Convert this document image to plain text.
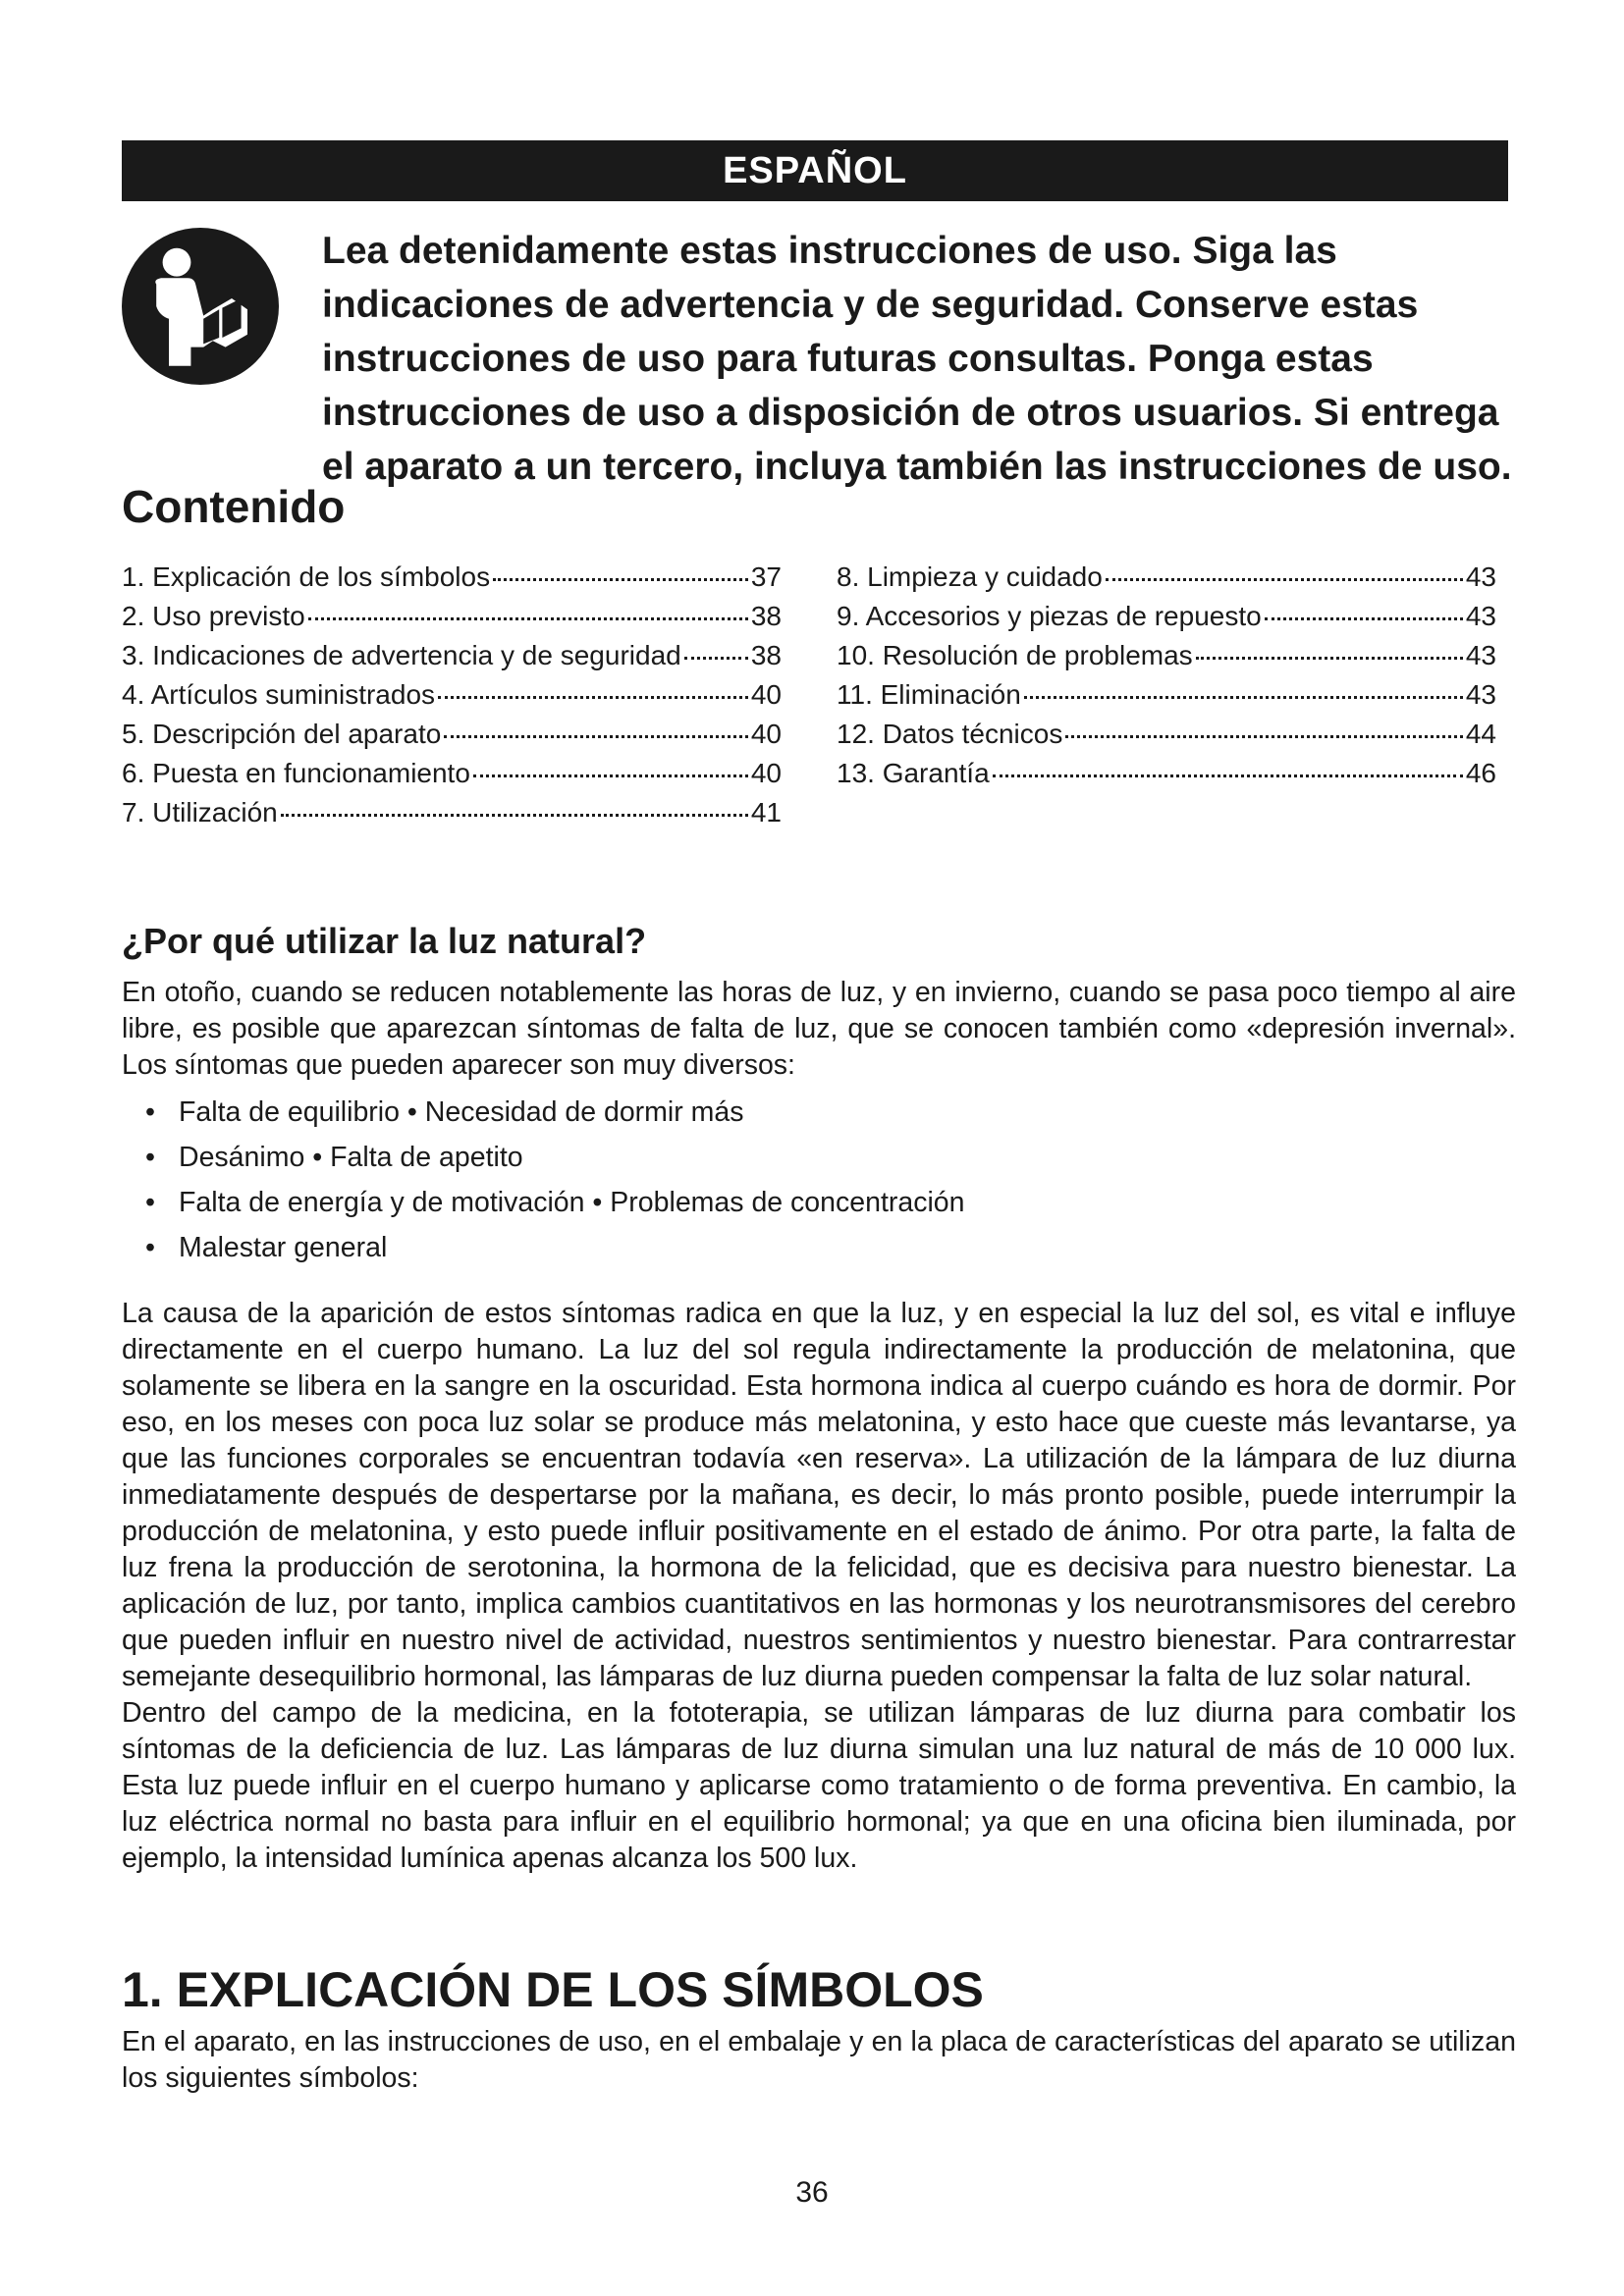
ESPAÑOL

Lea detenidamente estas instrucciones de uso. Siga las indicaciones de advertencia y de seguridad. Conserve estas instrucciones de uso para futuras consultas. Ponga estas instrucciones de uso a disposición de otros usuarios. Si entrega el aparato a un tercero, incluya también las instrucciones de uso.

Contenido
1. Explicación de los símbolos	37
2. Uso previsto	38
3. Indicaciones de advertencia y de seguridad	38
4. Artículos suministrados	40
5. Descripción del aparato	40
6. Puesta en funcionamiento	40
7. Utilización	41
8. Limpieza y cuidado	43
9. Accesorios y piezas de repuesto	43
10. Resolución de problemas	43
11. Eliminación	43
12. Datos técnicos	44
13. Garantía	46
¿Por qué utilizar la luz natural?

En otoño, cuando se reducen notablemente las horas de luz, y en invierno, cuando se pasa poco tiempo al aire libre, es posible que aparezcan síntomas de falta de luz, que se conocen también como «depresión invernal». Los síntomas que pueden aparecer son muy diversos:

• Falta de equilibrio • Necesidad de dormir más
• Desánimo • Falta de apetito
• Falta de energía y de motivación • Problemas de concentración
• Malestar general

La causa de la aparición de estos síntomas radica en que la luz, y en especial la luz del sol, es vital e influye directamente en el cuerpo humano. La luz del sol regula indirectamente la producción de melatonina, que solamente se libera en la sangre en la oscuridad. Esta hormona indica al cuerpo cuándo es hora de dormir. Por eso, en los meses con poca luz solar se produce más melatonina, y esto hace que cueste más levantarse, ya que las funciones corporales se encuentran todavía «en reserva». La utilización de la lámpara de luz diurna inmediatamente después de despertarse por la mañana, es decir, lo más pronto posible, puede interrumpir la producción de melatonina, y esto puede influir positivamente en el estado de ánimo. Por otra parte, la falta de luz frena la producción de serotonina, la hormona de la felicidad, que es decisiva para nuestro bienestar. La aplicación de luz, por tanto, implica cambios cuantitativos en las hormonas y los neurotransmisores del cerebro que pueden influir en nuestro nivel de actividad, nuestros sentimientos y nuestro bienestar. Para contrarrestar semejante desequilibrio hormonal, las lámparas de luz diurna pueden compensar la falta de luz solar natural.

Dentro del campo de la medicina, en la fototerapia, se utilizan lámparas de luz diurna para combatir los síntomas de la deficiencia de luz. Las lámparas de luz diurna simulan una luz natural de más de 10 000 lux. Esta luz puede influir en el cuerpo humano y aplicarse como tratamiento o de forma preventiva. En cambio, la luz eléctrica normal no basta para influir en el equilibrio hormonal; ya que en una oficina bien iluminada, por ejemplo, la intensidad lumínica apenas alcanza los 500 lux.

1. EXPLICACIÓN DE LOS SÍMBOLOS

En el aparato, en las instrucciones de uso, en el embalaje y en la placa de características del aparato se utilizan los siguientes símbolos:

36
